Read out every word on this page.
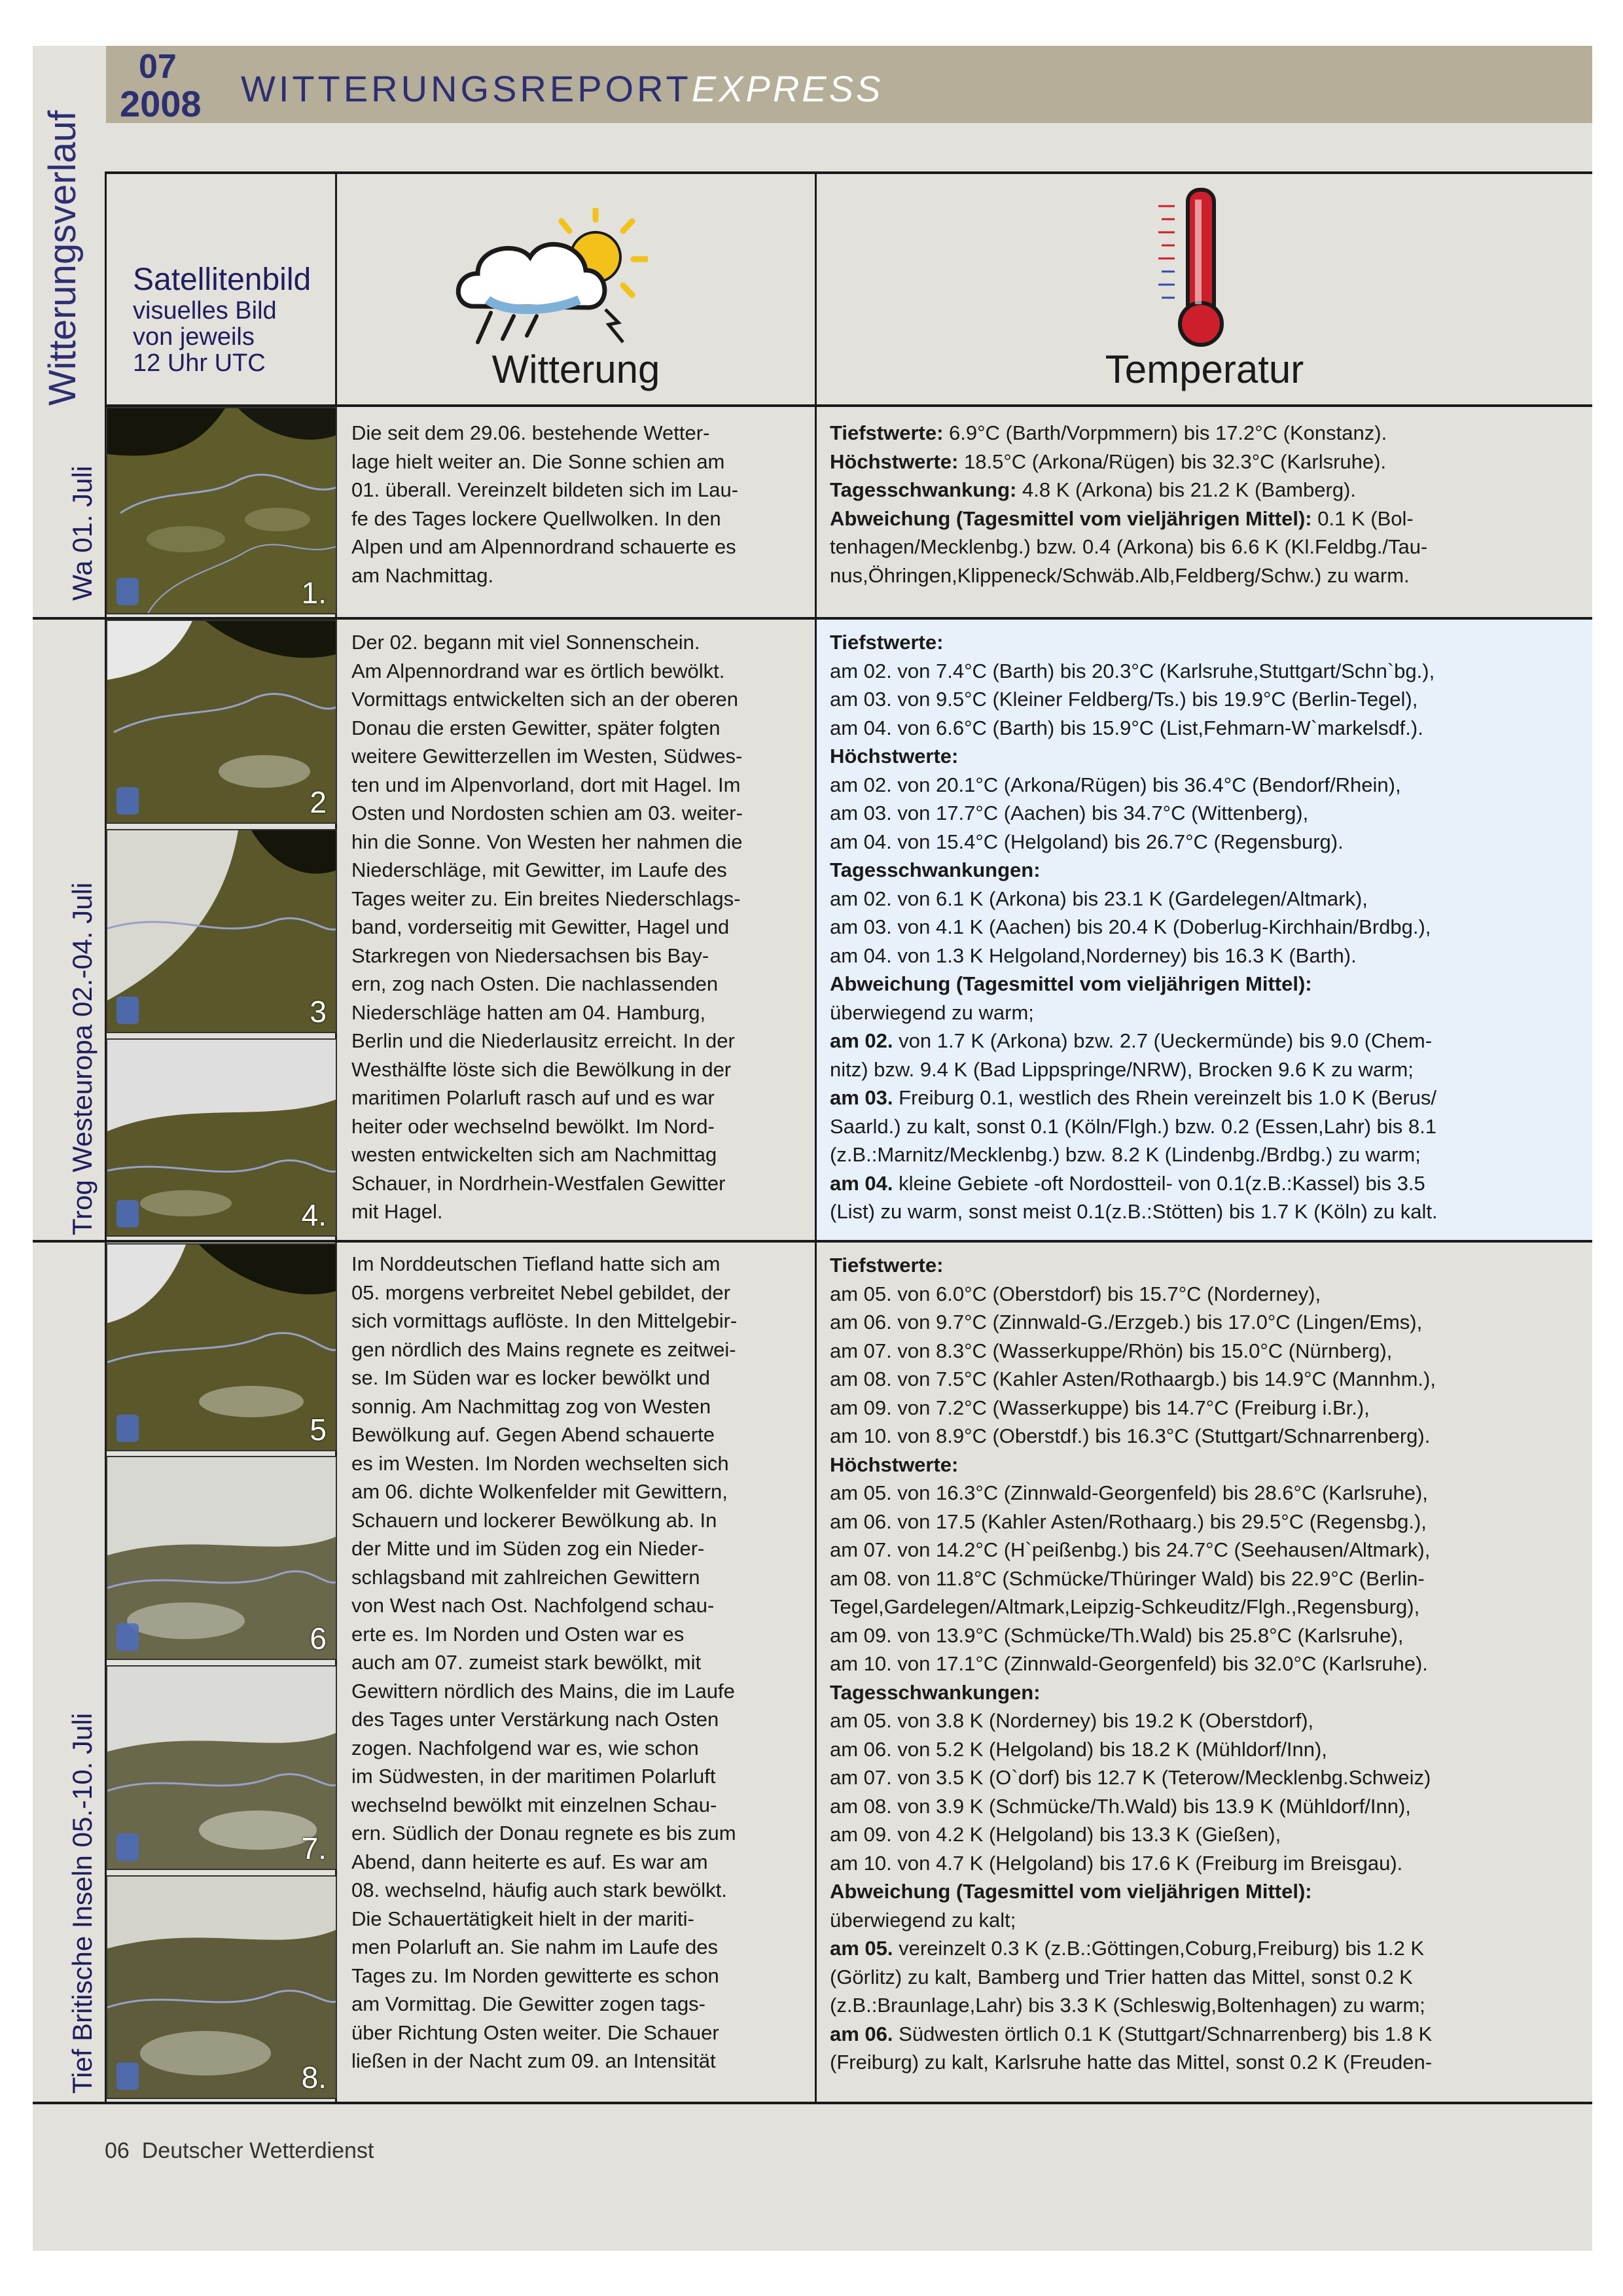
07
2008 WITTERUNGSREPORTEXPRESS
Witterungsverlauf
Wa 01. Juli
Trog Westeuropa 02.-04. Juli
Tief Britische Inseln 05.-10. Juli
Satellitenbild
visuelles Bild
von jeweils
12 Uhr UTC	Witterung	Temperatur
1.
2
3
4.
5
6
7.
8.
Die seit dem 29.06. bestehende Wetter-
lage hielt weiter an. Die Sonne schien am
01. überall. Vereinzelt bildeten sich im Lau-
fe des Tages lockere Quellwolken. In den
Alpen und am Alpennordrand schauerte es
am Nachmittag.
Der 02. begann mit viel Sonnenschein.
Am Alpennordrand war es örtlich bewölkt.
Vormittags entwickelten sich an der oberen
Donau die ersten Gewitter, später folgten
weitere Gewitterzellen im Westen, Südwes-
ten und im Alpenvorland, dort mit Hagel. Im
Osten und Nordosten schien am 03. weiter-
hin die Sonne. Von Westen her nahmen die
Niederschläge, mit Gewitter, im Laufe des
Tages weiter zu. Ein breites Niederschlags-
band, vorderseitig mit Gewitter, Hagel und
Starkregen von Niedersachsen bis Bay-
ern, zog nach Osten. Die nachlassenden
Niederschläge hatten am 04. Hamburg,
Berlin und die Niederlausitz erreicht. In der
Westhälfte löste sich die Bewölkung in der
maritimen Polarluft rasch auf und es war
heiter oder wechselnd bewölkt. Im Nord-
westen entwickelten sich am Nachmittag
Schauer, in Nordrhein-Westfalen Gewitter
mit Hagel.
Im Norddeutschen Tiefland hatte sich am
05. morgens verbreitet Nebel gebildet, der
sich vormittags auflöste. In den Mittelgebir-
gen nördlich des Mains regnete es zeitwei-
se. Im Süden war es locker bewölkt und
sonnig. Am Nachmittag zog von Westen
Bewölkung auf. Gegen Abend schauerte
es im Westen. Im Norden wechselten sich
am 06. dichte Wolkenfelder mit Gewittern,
Schauern und lockerer Bewölkung ab. In
der Mitte und im Süden zog ein Nieder-
schlagsband mit zahlreichen Gewittern
von West nach Ost. Nachfolgend schau-
erte es. Im Norden und Osten war es
auch am 07. zumeist stark bewölkt, mit
Gewittern nördlich des Mains, die im Laufe
des Tages unter Verstärkung nach Osten
zogen. Nachfolgend war es, wie schon
im Südwesten, in der maritimen Polarluft
wechselnd bewölkt mit einzelnen Schau-
ern. Südlich der Donau regnete es bis zum
Abend, dann heiterte es auf. Es war am
08. wechselnd, häufig auch stark bewölkt.
Die Schauertätigkeit hielt in der mariti-
men Polarluft an. Sie nahm im Laufe des
Tages zu. Im Norden gewitterte es schon
am Vormittag. Die Gewitter zogen tags-
über Richtung Osten weiter. Die Schauer
ließen in der Nacht zum 09. an Intensität

Tiefstwerte: 6.9°C (Barth/Vorpmmern) bis 17.2°C (Konstanz).

Höchstwerte: 18.5°C (Arkona/Rügen) bis 32.3°C (Karlsruhe).

Tagesschwankung: 4.8 K (Arkona) bis 21.2 K (Bamberg).

Abweichung (Tagesmittel vom vieljährigen Mittel): 0.1 K (Bol-

tenhagen/Mecklenbg.) bzw. 0.4 (Arkona) bis 6.6 K (Kl.Feldbg./Tau-

nus,Öhringen,Klippeneck/Schwäb.Alb,Feldberg/Schw.) zu warm.

Tiefstwerte:

am 02. von 7.4°C (Barth) bis 20.3°C (Karlsruhe,Stuttgart/Schn`bg.),

am 03. von 9.5°C (Kleiner Feldberg/Ts.) bis 19.9°C (Berlin-Tegel),

am 04. von 6.6°C (Barth) bis 15.9°C (List,Fehmarn-W`markelsdf.).

Höchstwerte:

am 02. von 20.1°C (Arkona/Rügen) bis 36.4°C (Bendorf/Rhein),

am 03. von 17.7°C (Aachen) bis 34.7°C (Wittenberg),

am 04. von 15.4°C (Helgoland) bis 26.7°C (Regensburg).

Tagesschwankungen:

am 02. von 6.1 K (Arkona) bis 23.1 K (Gardelegen/Altmark),

am 03. von 4.1 K (Aachen) bis 20.4 K (Doberlug-Kirchhain/Brdbg.),

am 04. von 1.3 K Helgoland,Norderney) bis 16.3 K (Barth).

Abweichung (Tagesmittel vom vieljährigen Mittel):

überwiegend zu warm;

am 02. von 1.7 K (Arkona) bzw. 2.7 (Ueckermünde) bis 9.0 (Chem-

nitz) bzw. 9.4 K (Bad Lippspringe/NRW), Brocken 9.6 K zu warm;

am 03. Freiburg 0.1, westlich des Rhein vereinzelt bis 1.0 K (Berus/

Saarld.) zu kalt, sonst 0.1 (Köln/Flgh.) bzw. 0.2 (Essen,Lahr) bis 8.1

(z.B.:Marnitz/Mecklenbg.) bzw. 8.2 K (Lindenbg./Brdbg.) zu warm;

am 04. kleine Gebiete -oft Nordostteil- von 0.1(z.B.:Kassel) bis 3.5

(List) zu warm, sonst meist 0.1(z.B.:Stötten) bis 1.7 K (Köln) zu kalt.

Tiefstwerte:

am 05. von 6.0°C (Oberstdorf) bis 15.7°C (Norderney),

am 06. von 9.7°C (Zinnwald-G./Erzgeb.) bis 17.0°C (Lingen/Ems),

am 07. von 8.3°C (Wasserkuppe/Rhön) bis 15.0°C (Nürnberg),

am 08. von 7.5°C (Kahler Asten/Rothaargb.) bis 14.9°C (Mannhm.),

am 09. von 7.2°C (Wasserkuppe) bis 14.7°C (Freiburg i.Br.),

am 10. von 8.9°C (Oberstdf.) bis 16.3°C (Stuttgart/Schnarrenberg).

Höchstwerte:

am 05. von 16.3°C (Zinnwald-Georgenfeld) bis 28.6°C (Karlsruhe),

am 06. von 17.5 (Kahler Asten/Rothaarg.) bis 29.5°C (Regensbg.),

am 07. von 14.2°C (H`peißenbg.) bis 24.7°C (Seehausen/Altmark),

am 08. von 11.8°C (Schmücke/Thüringer Wald) bis 22.9°C (Berlin-

Tegel,Gardelegen/Altmark,Leipzig-Schkeuditz/Flgh.,Regensburg),

am 09. von 13.9°C (Schmücke/Th.Wald) bis 25.8°C (Karlsruhe),

am 10. von 17.1°C (Zinnwald-Georgenfeld) bis 32.0°C (Karlsruhe).

Tagesschwankungen:

am 05. von 3.8 K (Norderney) bis 19.2 K (Oberstdorf),

am 06. von 5.2 K (Helgoland) bis 18.2 K (Mühldorf/Inn),

am 07. von 3.5 K (O`dorf) bis 12.7 K (Teterow/Mecklenbg.Schweiz)

am 08. von 3.9 K (Schmücke/Th.Wald) bis 13.9 K (Mühldorf/Inn),

am 09. von 4.2 K (Helgoland) bis 13.3 K (Gießen),

am 10. von 4.7 K (Helgoland) bis 17.6 K (Freiburg im Breisgau).

Abweichung (Tagesmittel vom vieljährigen Mittel):

überwiegend zu kalt;

am 05. vereinzelt 0.3 K (z.B.:Göttingen,Coburg,Freiburg) bis 1.2 K

(Görlitz) zu kalt, Bamberg und Trier hatten das Mittel, sonst 0.2 K

(z.B.:Braunlage,Lahr) bis 3.3 K (Schleswig,Boltenhagen) zu warm;

am 06. Südwesten örtlich 0.1 K (Stuttgart/Schnarrenberg) bis 1.8 K

(Freiburg) zu kalt, Karlsruhe hatte das Mittel, sonst 0.2 K (Freuden-

06 Deutscher Wetterdienst
